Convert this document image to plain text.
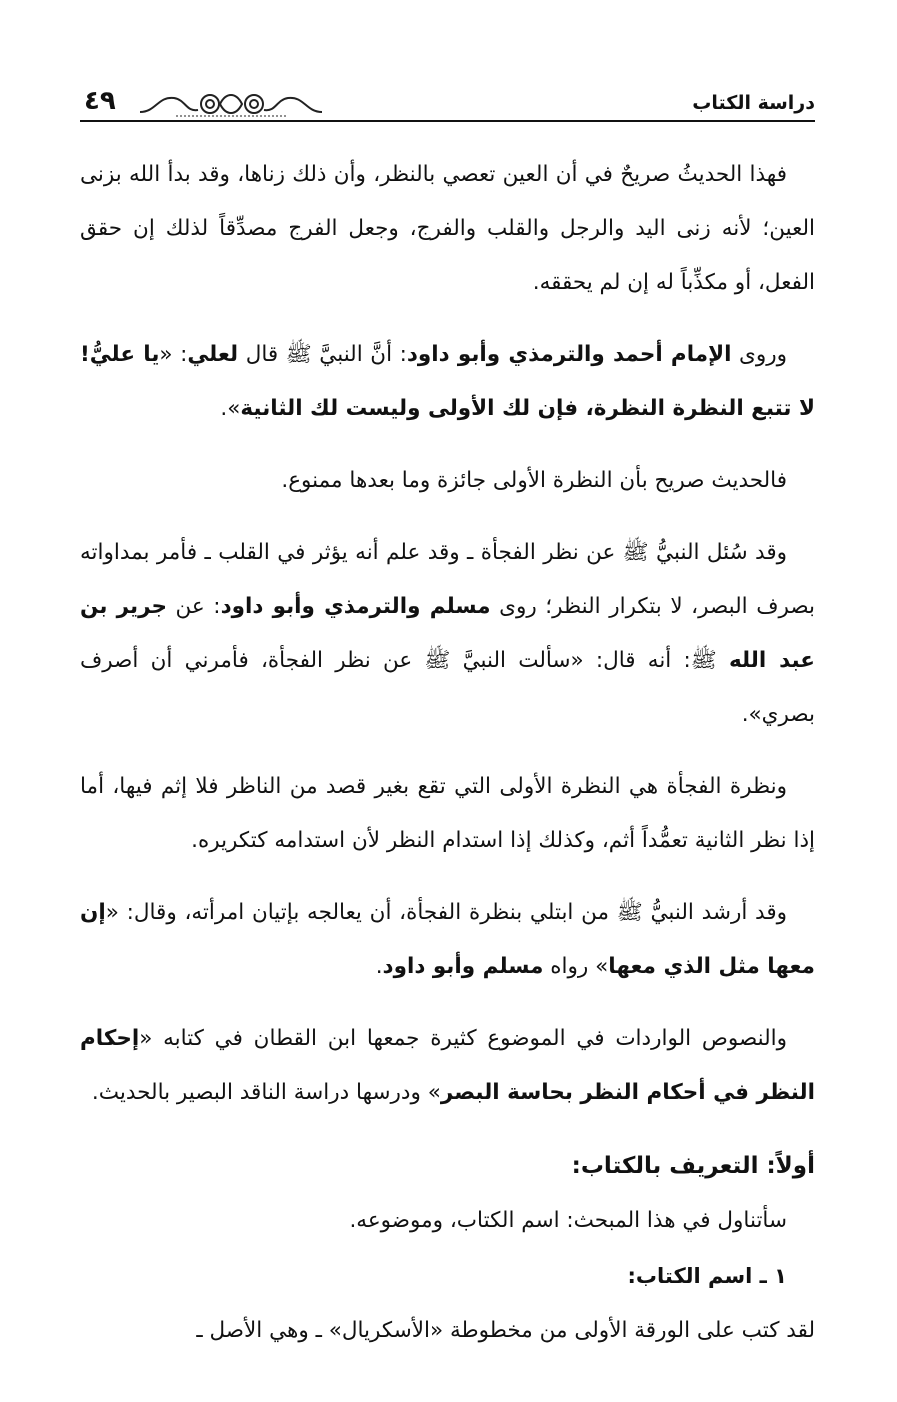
دراسة الكتاب
٤٩

فهذا الحديثُ صريحٌ في أن العين تعصي بالنظر، وأن ذلك زناها، وقد بدأ الله بزنى العين؛ لأنه زنى اليد والرجل والقلب والفرج، وجعل الفرج مصدِّقاً لذلك إن حقق الفعل، أو مكذِّباً له إن لم يحققه.

وروى الإمام أحمد والترمذي وأبو داود: أنَّ النبيَّ ﷺ قال لعلي: «يا عليُّ! لا تتبع النظرة النظرة، فإن لك الأولى وليست لك الثانية».

فالحديث صريح بأن النظرة الأولى جائزة وما بعدها ممنوع.

وقد سُئل النبيُّ ﷺ عن نظر الفجأة ـ وقد علم أنه يؤثر في القلب ـ فأمر بمداواته بصرف البصر، لا بتكرار النظر؛ روى مسلم والترمذي وأبو داود: عن جرير بن عبد الله ﷺ: أنه قال: «سألت النبيَّ ﷺ عن نظر الفجأة، فأمرني أن أصرف بصري».

ونظرة الفجأة هي النظرة الأولى التي تقع بغير قصد من الناظر فلا إثم فيها، أما إذا نظر الثانية تعمُّداً أثم، وكذلك إذا استدام النظر لأن استدامه كتكريره.

وقد أرشد النبيُّ ﷺ من ابتلي بنظرة الفجأة، أن يعالجه بإتيان امرأته، وقال: «إن معها مثل الذي معها» رواه مسلم وأبو داود.

والنصوص الواردات في الموضوع كثيرة جمعها ابن القطان في كتابه «إحكام النظر في أحكام النظر بحاسة البصر» ودرسها دراسة الناقد البصير بالحديث.

أولاً: التعريف بالكتاب:

سأتناول في هذا المبحث: اسم الكتاب، وموضوعه.

١ ـ اسم الكتاب:

لقد كتب على الورقة الأولى من مخطوطة «الأسكريال» ـ وهي الأصل ـ
